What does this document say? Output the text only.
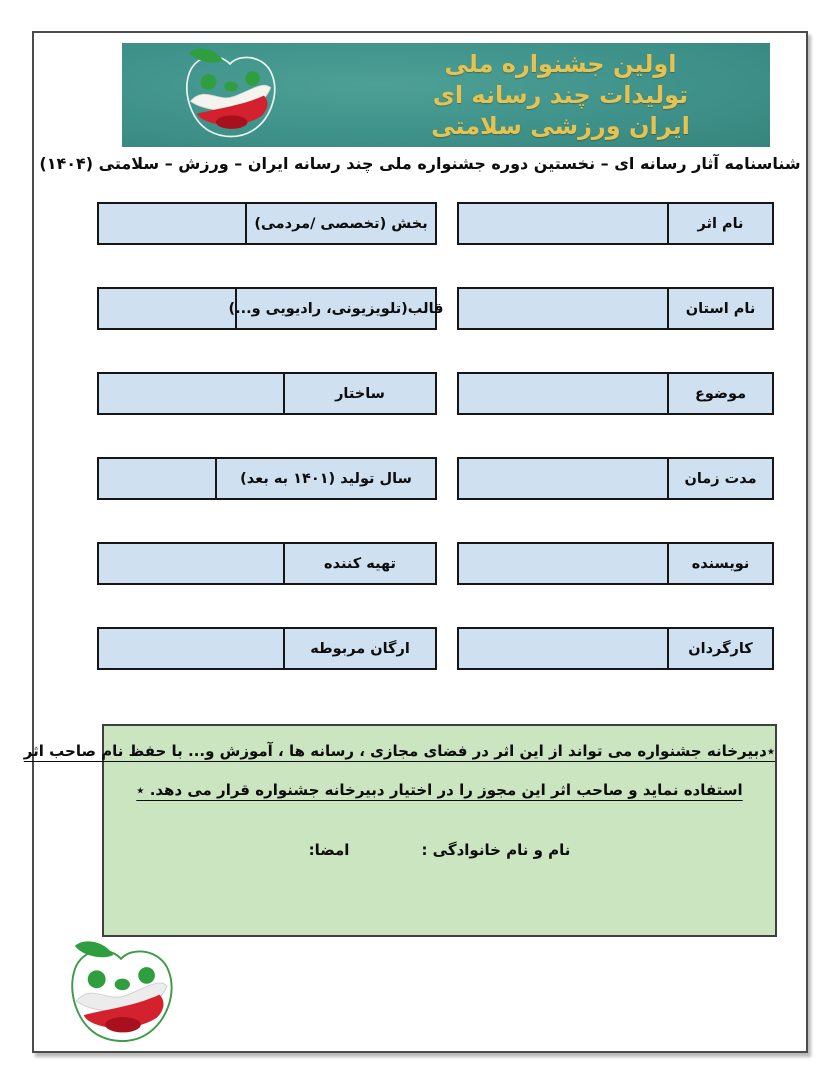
اولین جشنواره ملی
تولیدات چند رسانه ای
ایران ورزشی سلامتی
شناسنامه آثار رسانه ای – نخستین دوره جشنواره ملی چند رسانه ایران – ورزش – سلامتی (۱۴۰۴)
نام اثر
نام استان
موضوع
مدت زمان
نویسنده
کارگردان
بخش (تخصصی /مردمی)
قالب(تلویزیونی، رادیویی و...)
ساختار
سال تولید (۱۴۰۱ به بعد)
تهیه کننده
ارگان مربوطه
٭دبیرخانه جشنواره می تواند از این اثر در فضای مجازی ، رسانه ها ، آموزش و... با حفظ نام صاحب اثر
استفاده نماید و صاحب اثر این مجوز را در اختیار دبیرخانه جشنواره قرار می دهد. ٭
نام و نام خانوادگی :
امضا:
